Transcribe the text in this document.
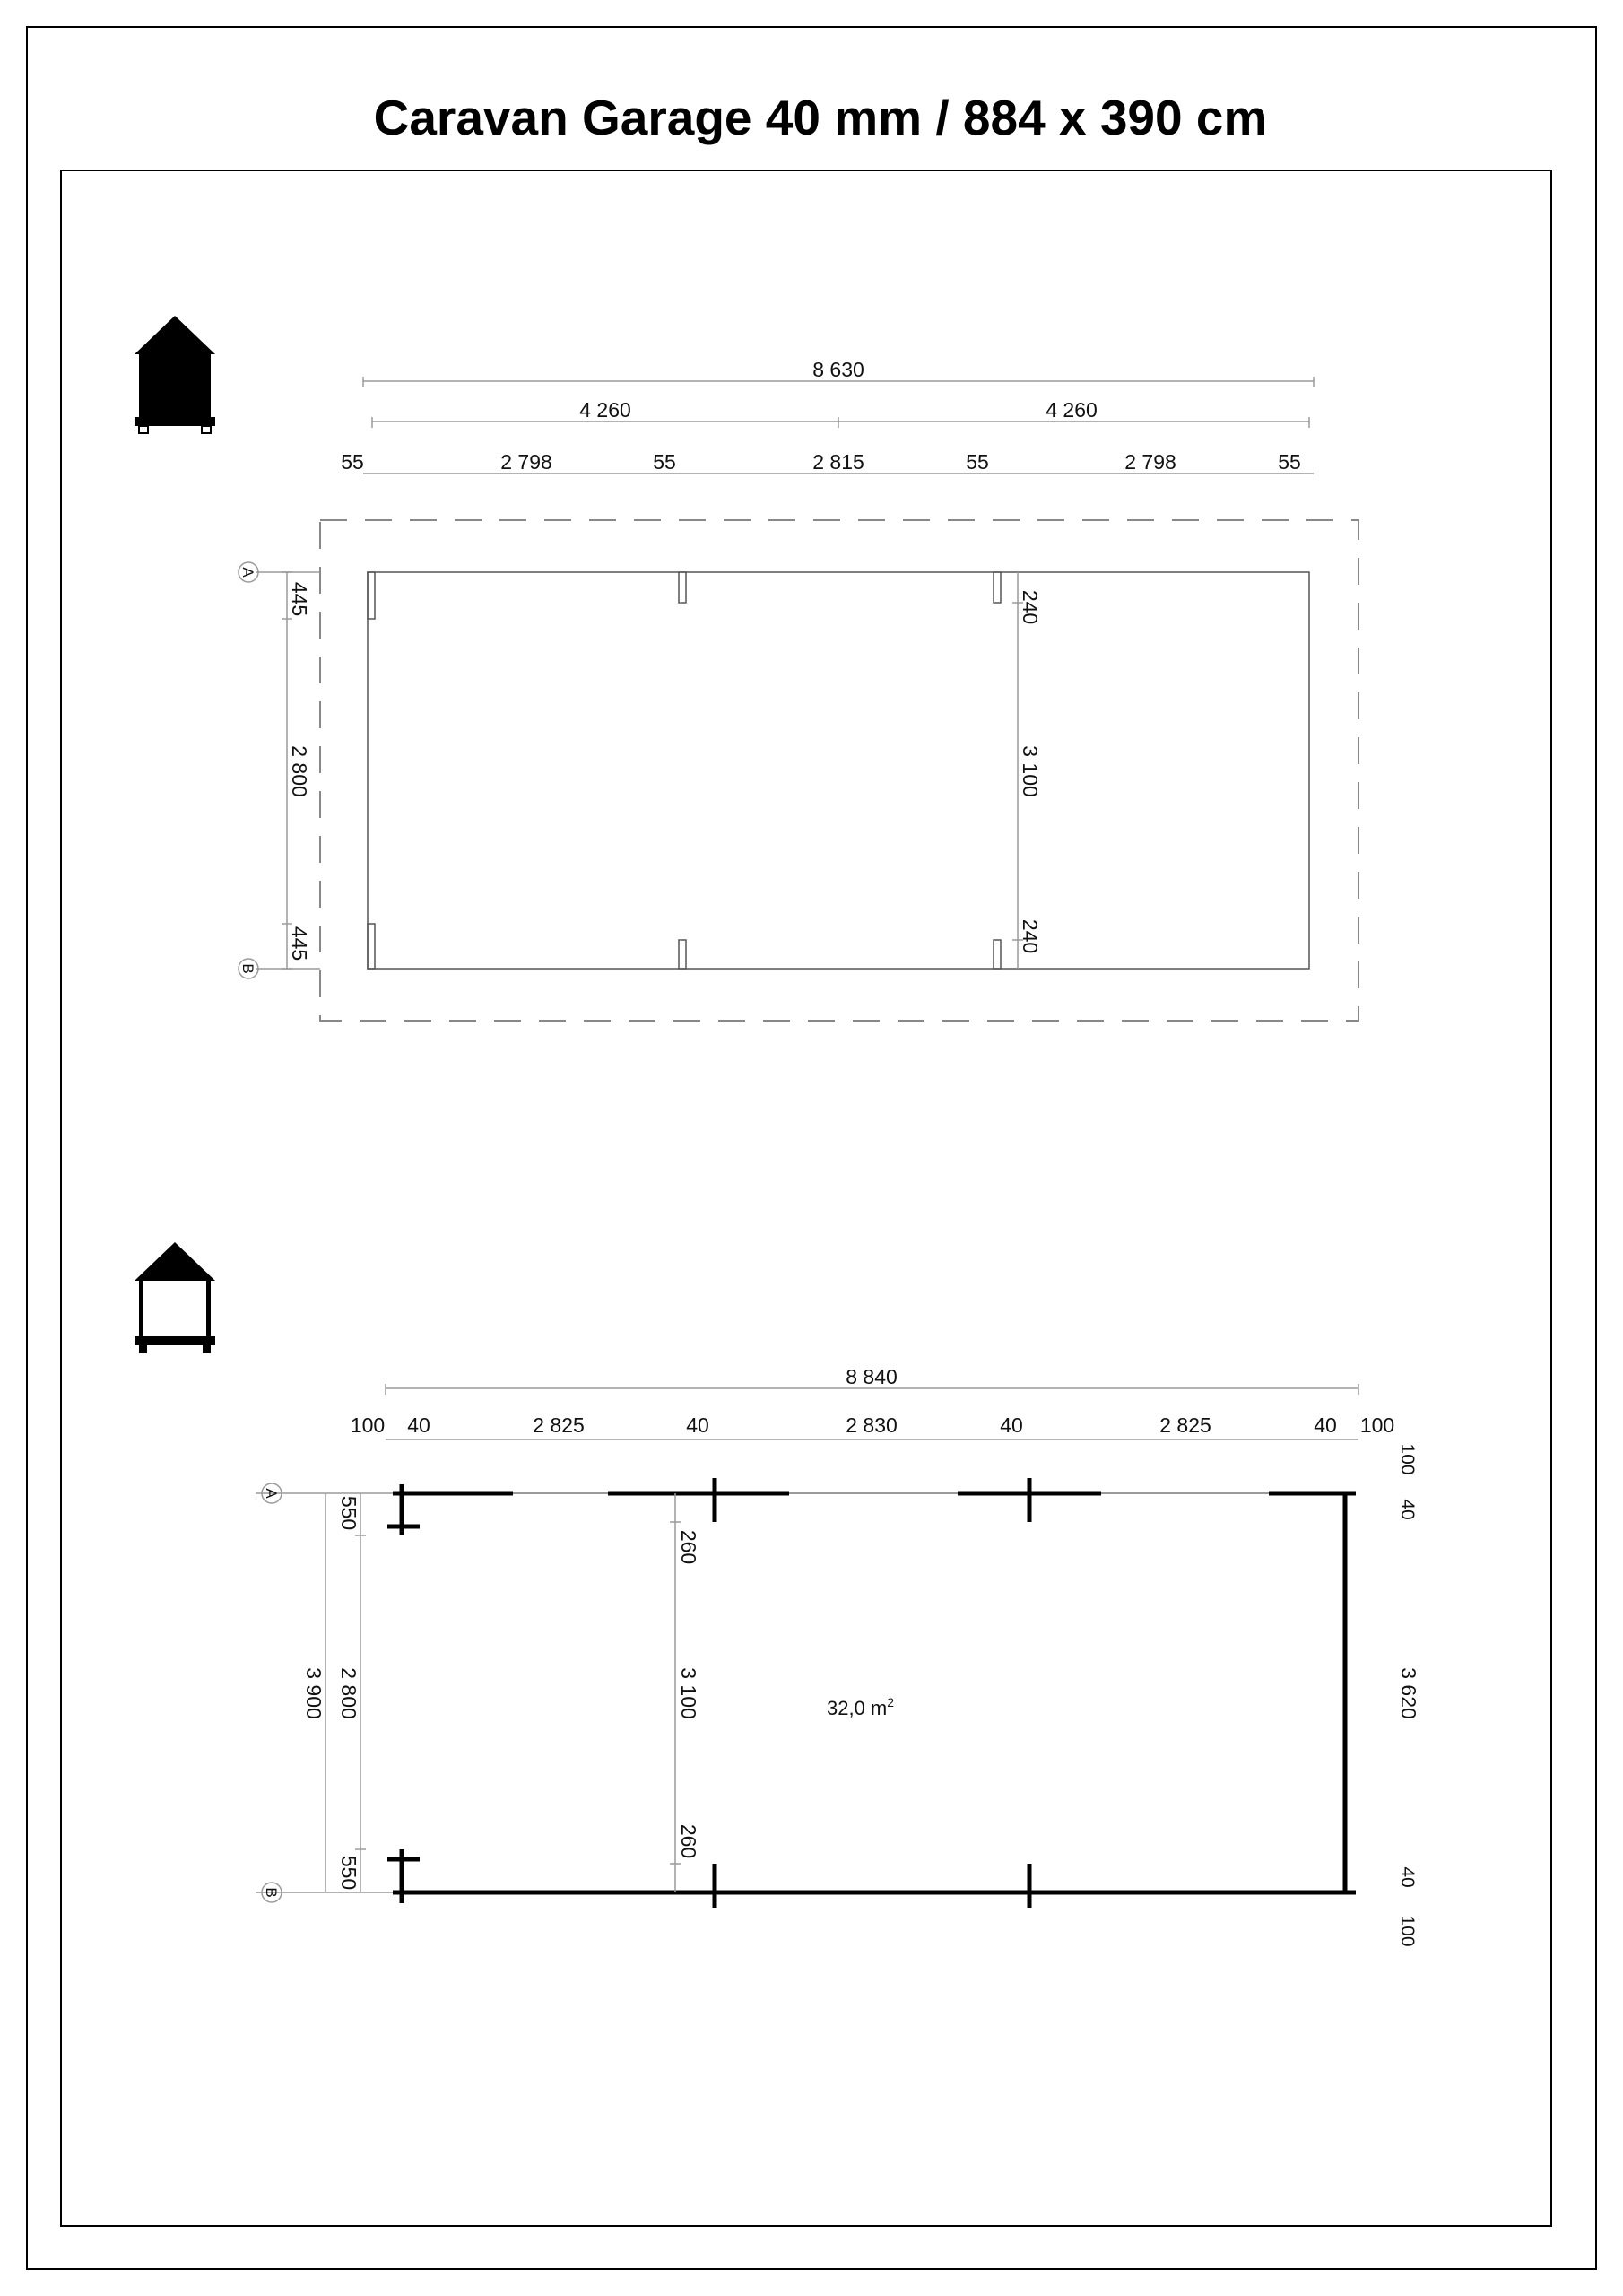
Caravan Garage 40 mm / 884 x 390 cm
8 630
4 260	4 260
55	2 798	55	2 815	55	2 798	55
445
2 800
445
240
3 100
240
A
B
8 840
100 40	2 825	40	2 830	40	2 825	40 100
3 900
550
2 800
550
260
3 100
260
32,0 $m^2$
100
40
3 620
40
100
A
B
